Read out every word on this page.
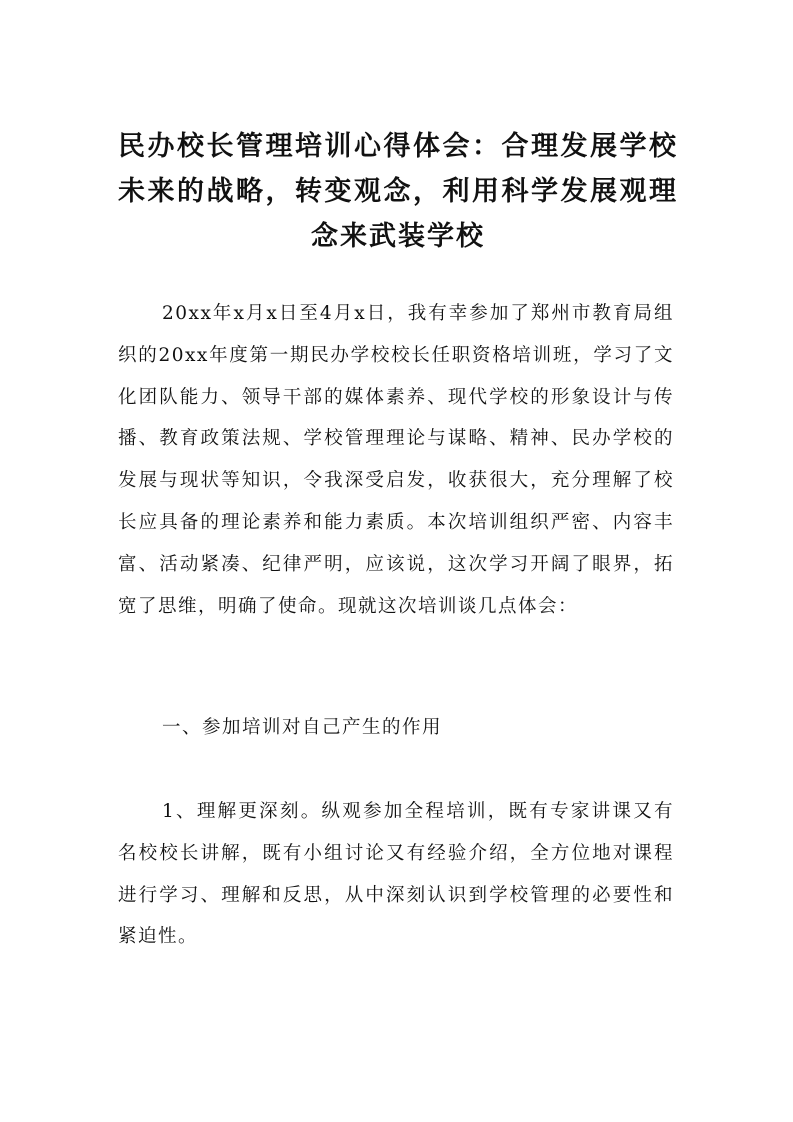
民办校长管理培训心得体会：合理发展学校未来的战略，转变观念，利用科学发展观理念来武装学校

20xx年x月x日至4月x日，我有幸参加了郑州市教育局组织的20xx年度第一期民办学校校长任职资格培训班，学习了文化团队能力、领导干部的媒体素养、现代学校的形象设计与传播、教育政策法规、学校管理理论与谋略、精神、民办学校的发展与现状等知识，令我深受启发，收获很大，充分理解了校长应具备的理论素养和能力素质。本次培训组织严密、内容丰富、活动紧凑、纪律严明，应该说，这次学习开阔了眼界，拓宽了思维，明确了使命。现就这次培训谈几点体会：

一、参加培训对自己产生的作用

1、理解更深刻。纵观参加全程培训，既有专家讲课又有名校校长讲解，既有小组讨论又有经验介绍，全方位地对课程进行学习、理解和反思，从中深刻认识到学校管理的必要性和紧迫性。
